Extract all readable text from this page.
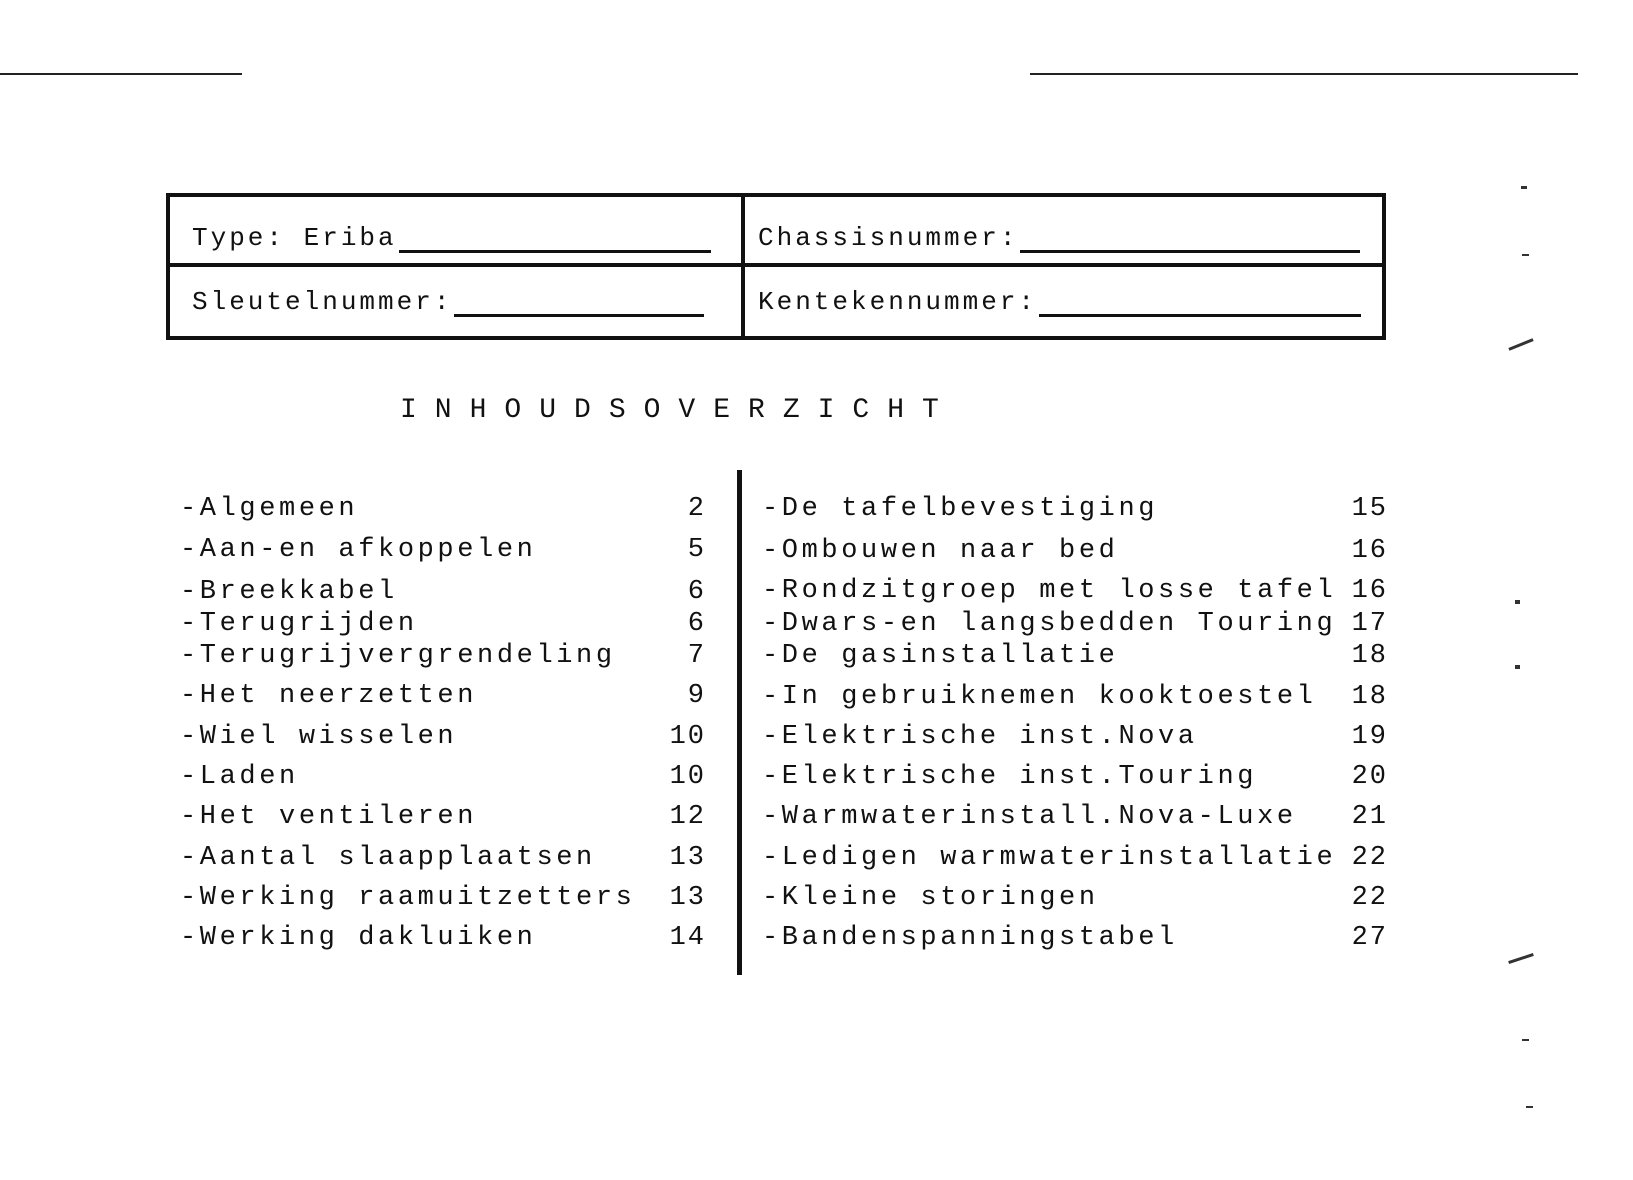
Type: Eriba	Chassisnummer:
Sleutelnummer:	Kentekennummer:
INHOUDSOVERZICHT
-Algemeen	2
-Aan-en afkoppelen	5
-Breekkabel	6
-Terugrijden	6
-Terugrijvergrendeling	7
-Het neerzetten	9
-Wiel wisselen	10
-Laden	10
-Het ventileren	12
-Aantal slaapplaatsen	13
-Werking raamuitzetters	13
-Werking dakluiken	14
-De tafelbevestiging	15
-Ombouwen naar bed	16
-Rondzitgroep met losse tafel 16
-Dwars-en langsbedden Touring 17
-De gasinstallatie	18
-In gebruiknemen kooktoestel	18
-Elektrische inst.Nova	19
-Elektrische inst.Touring	20
-Warmwaterinstall.Nova-Luxe	21
-Ledigen warmwaterinstallatie 22
-Kleine storingen	22
-Bandenspanningstabel	27
